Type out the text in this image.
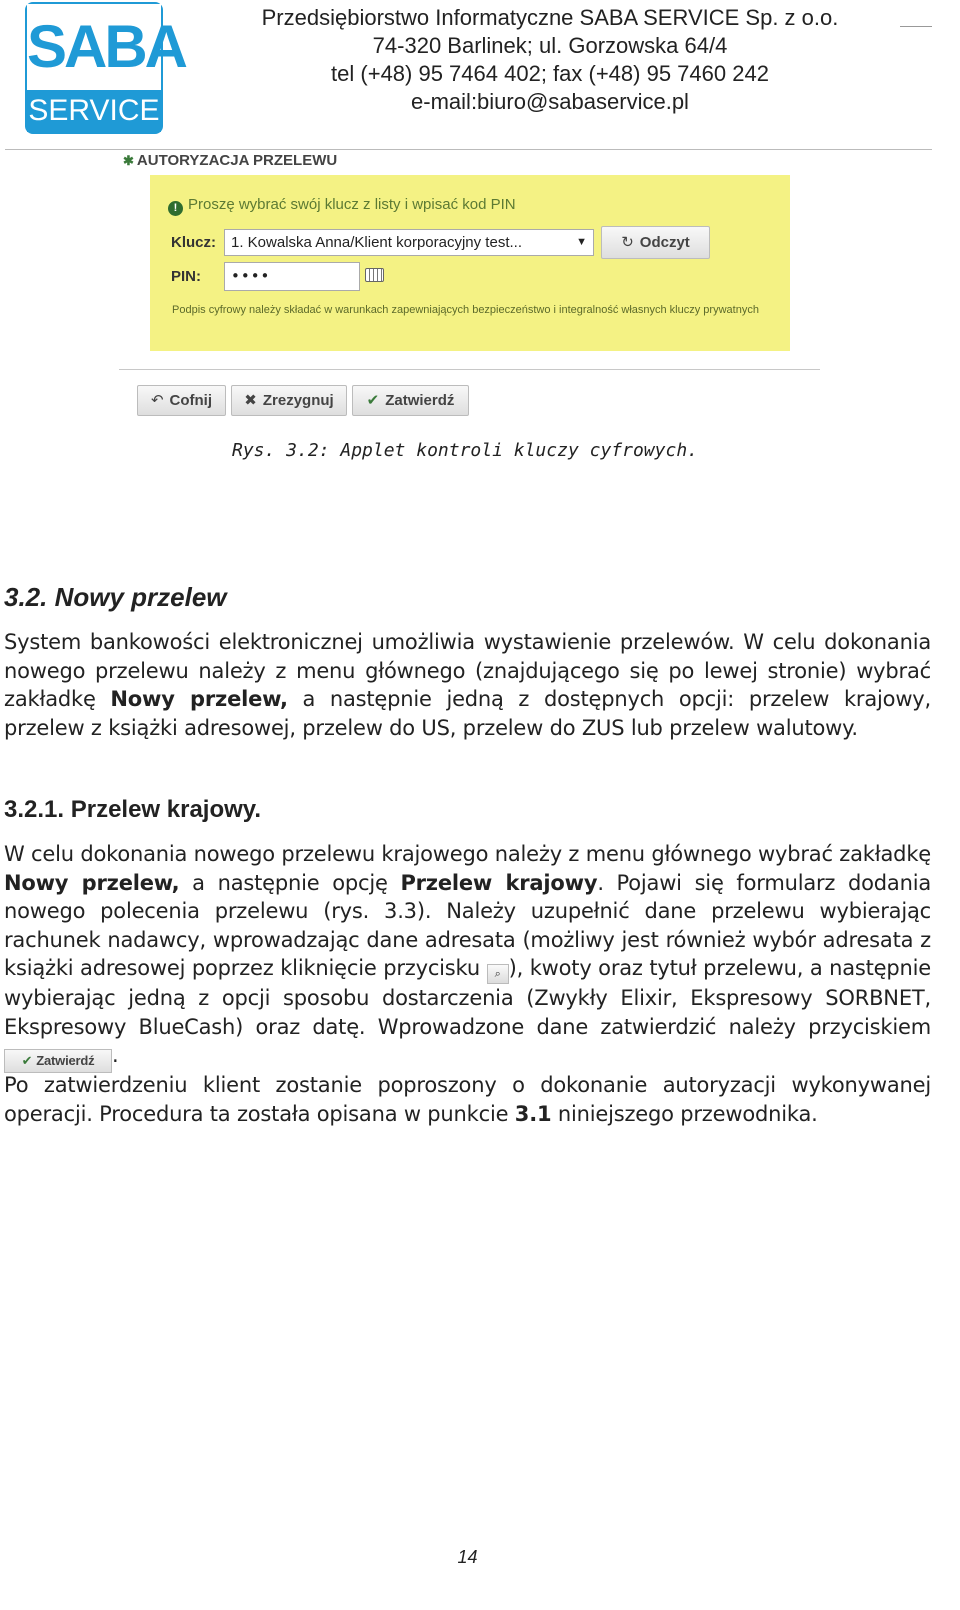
SABA
SERVICE
Przedsiębiorstwo Informatyczne SABA SERVICE Sp. z o.o.
74-320 Barlinek; ul. Gorzowska 64/4
tel (+48) 95 7464 402; fax (+48) 95 7460 242
e-mail:biuro@sabaservice.pl
✱ AUTORYZACJA PRZELEWU
! Proszę wybrać swój klucz z listy i wpisać kod PIN
Klucz:	1. Kowalska Anna/Klient korporacyjny test...	▼	↻ Odczyt
PIN:	••••
Podpis cyfrowy należy składać w warunkach zapewniających bezpieczeństwo i integralność własnych kluczy prywatnych
↶ Cofnij	✖ Zrezygnuj	✔ Zatwierdź
Rys. 3.2: Applet kontroli kluczy cyfrowych.
3.2. Nowy przelew
System bankowości elektronicznej umożliwia wystawienie przelewów. W celu dokonania nowego przelewu należy z menu głównego (znajdującego się po lewej stronie) wybrać zakładkę Nowy przelew, a następnie jedną z dostępnych opcji: przelew krajowy, przelew z książki adresowej, przelew do US, przelew do ZUS lub przelew walutowy.
3.2.1. Przelew krajowy.
W celu dokonania nowego przelewu krajowego należy z menu głównego wybrać zakładkę Nowy przelew, a następnie opcję Przelew krajowy. Pojawi się formularz dodania nowego polecenia przelewu (rys. 3.3). Należy uzupełnić dane przelewu wybierając rachunek nadawcy, wprowadzając dane adresata (możliwy jest również wybór adresata z książki adresowej poprzez kliknięcie przycisku ⌕ ), kwoty oraz tytuł przelewu, a następnie wybierając jedną z opcji sposobu dostarczenia (Zwykły Elixir, Ekspresowy SORBNET, Ekspresowy BlueCash) oraz datę. Wprowadzone dane zatwierdzić należy przyciskiem ✔ Zatwierdź .
Po zatwierdzeniu klient zostanie poproszony o dokonanie autoryzacji wykonywanej operacji. Procedura ta została opisana w punkcie 3.1 niniejszego przewodnika.
14
